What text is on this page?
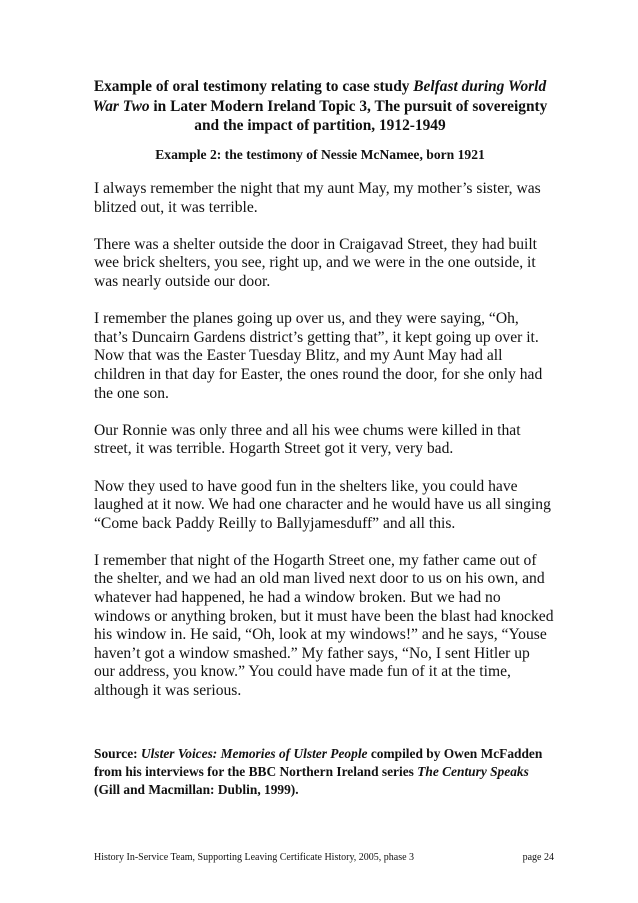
Example of oral testimony relating to case study Belfast during World War Two in Later Modern Ireland Topic 3, The pursuit of sovereignty and the impact of partition, 1912-1949
Example 2: the testimony of Nessie McNamee, born 1921

I always remember the night that my aunt May, my mother’s sister, was blitzed out, it was terrible.

There was a shelter outside the door in Craigavad Street, they had built wee brick shelters, you see, right up, and we were in the one outside, it was nearly outside our door.

I remember the planes going up over us, and they were saying, “Oh, that’s Duncairn Gardens district’s getting that”, it kept going up over it. Now that was the Easter Tuesday Blitz, and my Aunt May had all children in that day for Easter, the ones round the door, for she only had the one son.

Our Ronnie was only three and all his wee chums were killed in that street, it was terrible. Hogarth Street got it very, very bad.

Now they used to have good fun in the shelters like, you could have laughed at it now. We had one character and he would have us all singing “Come back Paddy Reilly to Ballyjamesduff” and all this.

I remember that night of the Hogarth Street one, my father came out of the shelter, and we had an old man lived next door to us on his own, and whatever had happened, he had a window broken. But we had no windows or anything broken, but it must have been the blast had knocked his window in. He said, “Oh, look at my windows!” and he says, “Youse haven’t got a window smashed.” My father says, “No, I sent Hitler up our address, you know.” You could have made fun of it at the time, although it was serious.

Source: Ulster Voices: Memories of Ulster People compiled by Owen McFadden from his interviews for the BBC Northern Ireland series The Century Speaks (Gill and Macmillan: Dublin, 1999).
History In-Service Team, Supporting Leaving Certificate History, 2005, phase 3	page 24
